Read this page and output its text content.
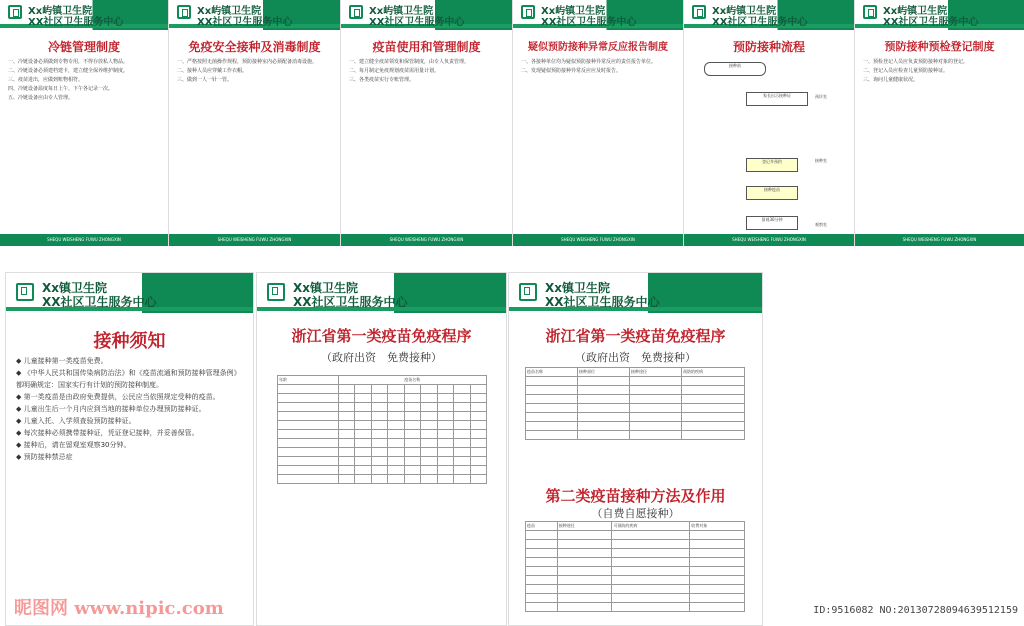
Xx屿镇卫生院
XX社区卫生服务中心
冷链管理制度
一、冷链设备必须做到专物专用，不得存放私人物品。
二、冷链设备必须建档建卡，建立健全保养维护制度。
三、疫苗进出，应做到账物相符。
四、冷链设备温度每日上午、下午各记录一次。
五、冷链设备应由专人管理。
SHEQU WEISHENG FUWU ZHONGXIN
Xx屿镇卫生院
XX社区卫生服务中心
免疫安全接种及消毒制度
一、严格按照无菌操作规程，预防接种室内必须配备消毒设施。
二、接种人员应穿戴工作衣帽。
三、做到一人一针一管。
SHEQU WEISHENG FUWU ZHONGXIN
Xx屿镇卫生院
XX社区卫生服务中心
疫苗使用和管理制度
一、建立健全疫苗领发和保管制度，由专人负责管理。
二、每月制定免疫规划疫苗需用量计划。
三、各类疫苗实行专账管理。
SHEQU WEISHENG FUWU ZHONGXIN
Xx屿镇卫生院
XX社区卫生服务中心
疑似预防接种异常反应报告制度
一、各接种单位均为疑似预防接种异常反应的责任报告单位。
二、发现疑似预防接种异常反应应及时报告。
SHEQU WEISHENG FUWU ZHONGXIN
Xx屿镇卫生院
XX社区卫生服务中心
预防接种流程
接种前
家长出示接种证
登记并预约
接种疫苗
留观30分钟
预诊室
接种室
观察室
SHEQU WEISHENG FUWU ZHONGXIN
Xx屿镇卫生院
XX社区卫生服务中心
预防接种预检登记制度
一、预检登记人员应负责预防接种对象的登记。
二、登记入员应检查儿童预防接种证。
三、询问儿童健康状况。
SHEQU WEISHENG FUWU ZHONGXIN
Xx镇卫生院
XX社区卫生服务中心
接种须知
◆ 儿童接种第一类疫苗免费。
◆ 《中华人民共和国传染病防治法》和《疫苗流通和预防接种管理条例》都明确规定：国家实行有计划的预防接种制度。
◆ 第一类疫苗是由政府免费提供，公民应当依照规定受种的疫苗。
◆ 儿童出生后一个月内应到当地的接种单位办理预防接种证。
◆ 儿童入托、入学须查验预防接种证。
◆ 每次接种必须携带接种证，凭证登记接种，并妥善保管。
◆ 接种后，请在留观室观察30分钟。
◆ 预防接种禁忌症
Xx镇卫生院
XX社区卫生服务中心
浙江省第一类疫苗免疫程序
（政府出资　免费接种）
年龄	疫苗名称								

Xx镇卫生院
XX社区卫生服务中心
浙江省第一类疫苗免疫程序
（政府出资　免费接种）
疫苗名称	接种部位	接种途径	预防的疾病

第二类疫苗接种方法及作用
（自费自愿接种）
疫苗	接种途径	可预防的疾病	收费对象

昵图网 www.nipic.com	ID:9516082 NO:20130728094639512159
